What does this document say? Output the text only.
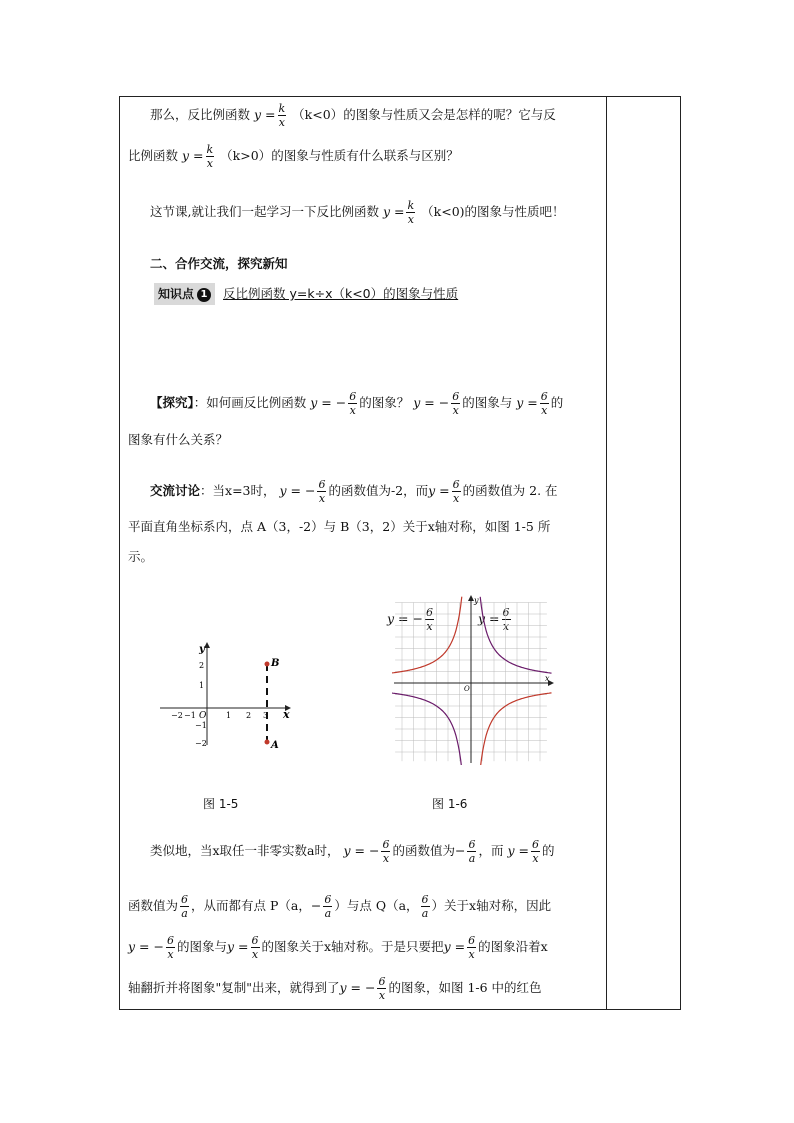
那么，反比例函数 $y = \frac{k}{x} (k<0)$的图象与性质又会是怎样的呢？它与反
比例函数 $y = \frac{k}{x} (k>0)$的图象与性质有什么联系与区别？
这节课,就让我们一起学习一下反比例函数 $y = \frac{k}{x} (k<0)$的图象与性质吧！
二、合作交流，探究新知
知识点 1 反比例函数 y=k÷x（k<0）的图象与性质
【探究】：如何画反比例函数 y = − $\frac{6}{x}$ 的图象？ y = − $\frac{6}{x}$ 的图象与 $y = \frac{6}{x}$ 的
图象有什么关系？
交流讨论：当x=3时， y = − $\frac{6}{x}$ 的函数值为-2，而$y = \frac{6}{x}$ 的函数值为 2. 在
平面直角坐标系内，点 A（3，-2）与 B（3，2）关于x轴对称，如图 1-5 所
示。
x
y
O
−2 −1	1 2 3
2
1
−1
−2
B
A
y = − $\frac{6}{x}$	$y = \frac{6}{x}$
x
y
O
图 1-5	图 1-6
类似地，当x取任一非零实数a时， y = − $\frac{6}{x}$ 的函数值为− $\frac{6}{a}$ ，而 $y = \frac{6}{x}$ 的
函数值为 $\frac{6}{a}$ ，从而都有点 P（a，− $\frac{6}{a}$ ）与点 Q（a， $\frac{6}{a}$ ）关于x轴对称，因此
y = − $\frac{6}{x}$ 的图象与$y = \frac{6}{x}$ 的图象关于x轴对称。于是只要把$y = \frac{6}{x}$ 的图象沿着x
轴翻折并将图象"复制"出来，就得到了y = − $\frac{6}{x}$ 的图象，如图 1-6 中的红色
